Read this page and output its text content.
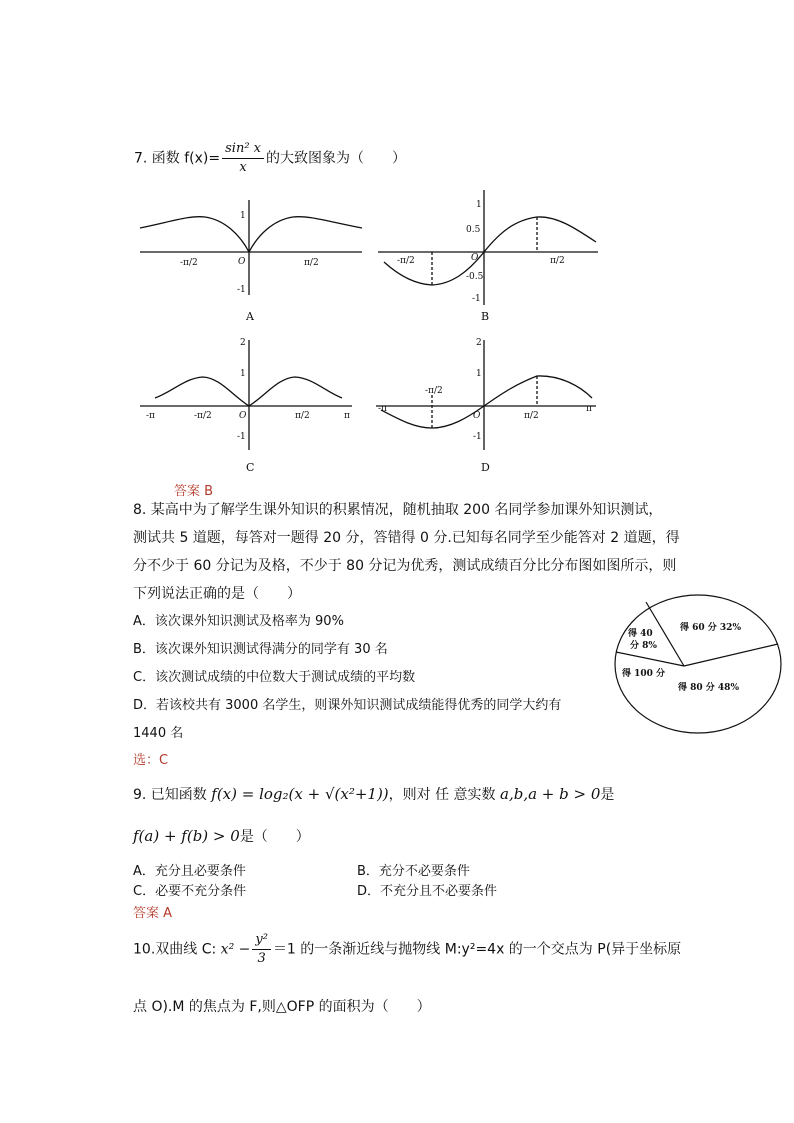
7. 函数 $f(x)= \frac{\text{sin² x}}{x}$ 的大致图象为（　　）
-π/2	π/2
1
-1
O
A
-π/2	π/2
1
0.5
-0.5
-1
O
B
-π	-π/2	π/2	π
2
1
-1
O
C
-π
-π/2
π/2
π
2
1
-1
O
D
答案 B
8. 某高中为了解学生课外知识的积累情况，随机抽取 200 名同学参加课外知识测试，
测试共 5 道题，每答对一题得 20 分，答错得 0 分.已知每名同学至少能答对 2 道题，得
分不少于 60 分记为及格，不少于 80 分记为优秀，测试成绩百分比分布图如图所示，则
下列说法正确的是（　　）
A．该次课外知识测试及格率为 90%
B．该次课外知识测试得满分的同学有 30 名
C．该次测试成绩的中位数大于测试成绩的平均数
D．若该校共有 3000 名学生，则课外知识测试成绩能得优秀的同学大约有
1440 名
选：C
得 60 分 32%
得 40
分 8%
得 100 分
得 80 分 48%
9. 已知函数 f(x) = log₂(x + √(x²+1))，则对 任 意实数 a,b,a + b > 0是
f(a) + f(b) > 0是（　　）
A．充分且必要条件	B．充分不必要条件
C．必要不充分条件	D．不充分且不必要条件
答案 A
10.双曲线 C: $x^2 - \frac{\text{y²}}{3} =1$ 的一条渐近线与抛物线 M:y²=4x 的一个交点为 P(异于坐标原
点 O).M 的焦点为 F,则△OFP 的面积为（　　）
